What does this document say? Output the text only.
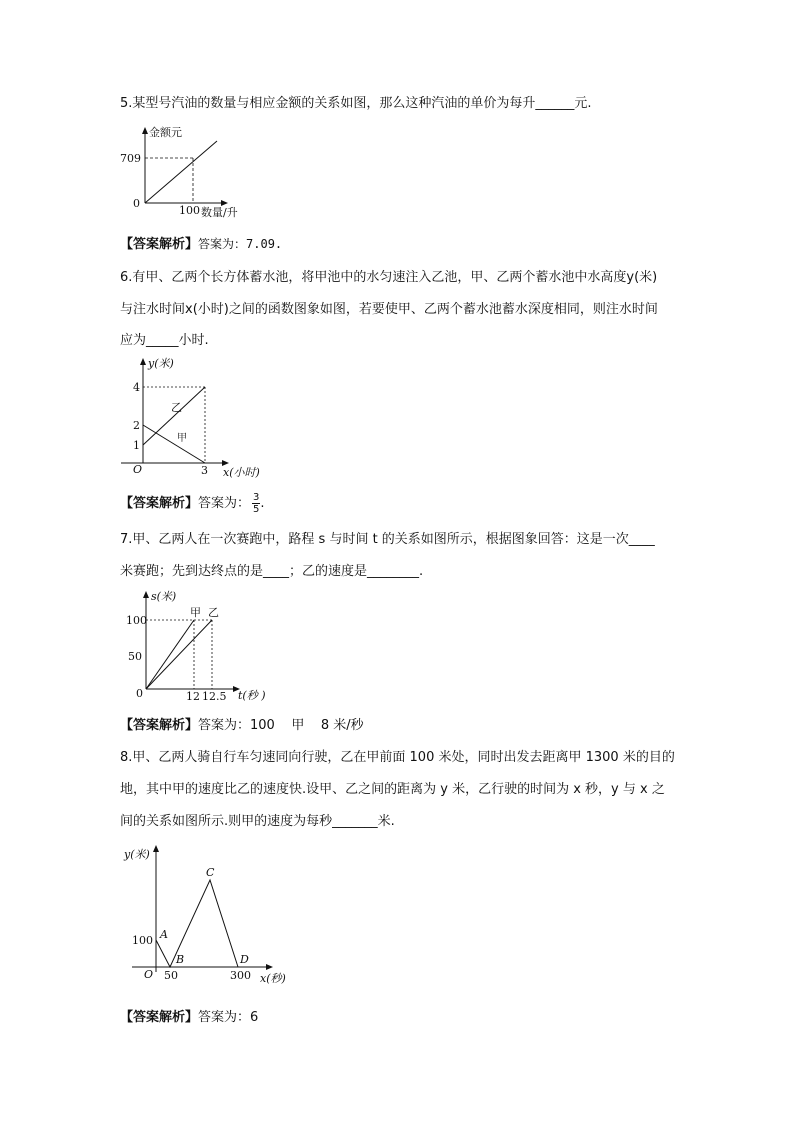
5.某型号汽油的数量与相应金额的关系如图，那么这种汽油的单价为每升______元.
金额元
709
0
100 数量/升
【答案解析】答案为：7.09.
6.有甲、乙两个长方体蓄水池，将甲池中的水匀速注入乙池，甲、乙两个蓄水池中水高度y(米)
与注水时间x(小时)之间的函数图象如图，若要使甲、乙两个蓄水池蓄水深度相同，则注水时间
应为_____小时.
y(米)
4
2
1
O	3 x(小时)
乙
甲
【答案解析】答案为： $\frac{3}{5}$ .
7.甲、乙两人在一次赛跑中，路程 s 与时间 t 的关系如图所示，根据图象回答：这是一次____
米赛跑；先到达终点的是____；乙的速度是________.
s(米)
甲 乙
100
50
0	12 12.5 t(秒 )
【答案解析】答案为：100    甲    8 米/秒
8.甲、乙两人骑自行车匀速同向行驶，乙在甲前面 100 米处，同时出发去距离甲 1300 米的目的
地，其中甲的速度比乙的速度快.设甲、乙之间的距离为 y 米，乙行驶的时间为 x 秒，y 与 x 之
间的关系如图所示.则甲的速度为每秒_______米.
y(米)
100 A
B
C
D
O 50	300 x(秒)
【答案解析】答案为：6
